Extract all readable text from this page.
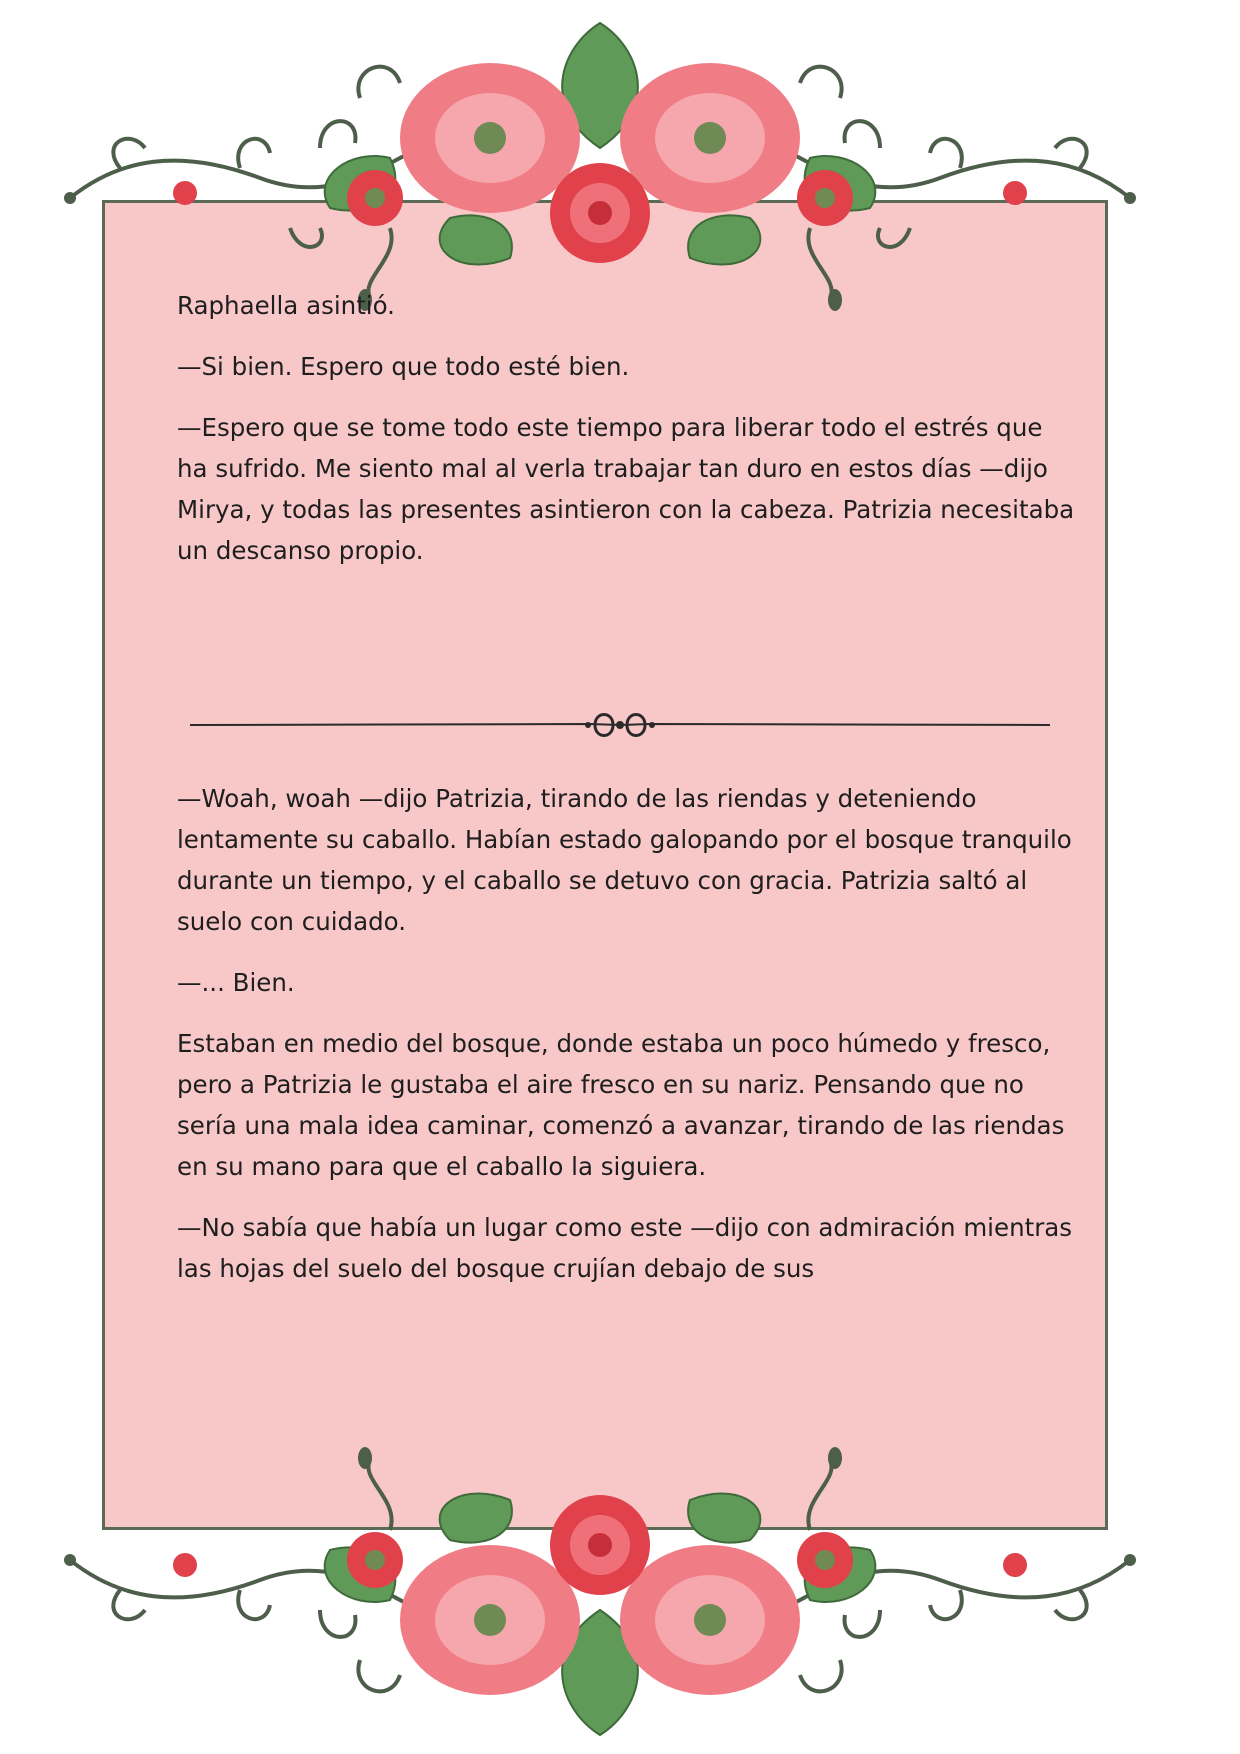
Raphaella asintió.

—Si bien. Espero que todo esté bien.

—Espero que se tome todo este tiempo para liberar todo el estrés que ha sufrido. Me siento mal al verla trabajar tan duro en estos días —dijo Mirya, y todas las presentes asintieron con la cabeza. Patrizia necesitaba un descanso propio.

—Woah, woah —dijo Patrizia, tirando de las riendas y deteniendo lentamente su caballo. Habían estado galopando por el bosque tranquilo durante un tiempo, y el caballo se detuvo con gracia. Patrizia saltó al suelo con cuidado.

—... Bien.

Estaban en medio del bosque, donde estaba un poco húmedo y fresco, pero a Patrizia le gustaba el aire fresco en su nariz. Pensando que no sería una mala idea caminar, comenzó a avanzar, tirando de las riendas en su mano para que el caballo la siguiera.

—No sabía que había un lugar como este —dijo con admiración mientras las hojas del suelo del bosque crujían debajo de sus
